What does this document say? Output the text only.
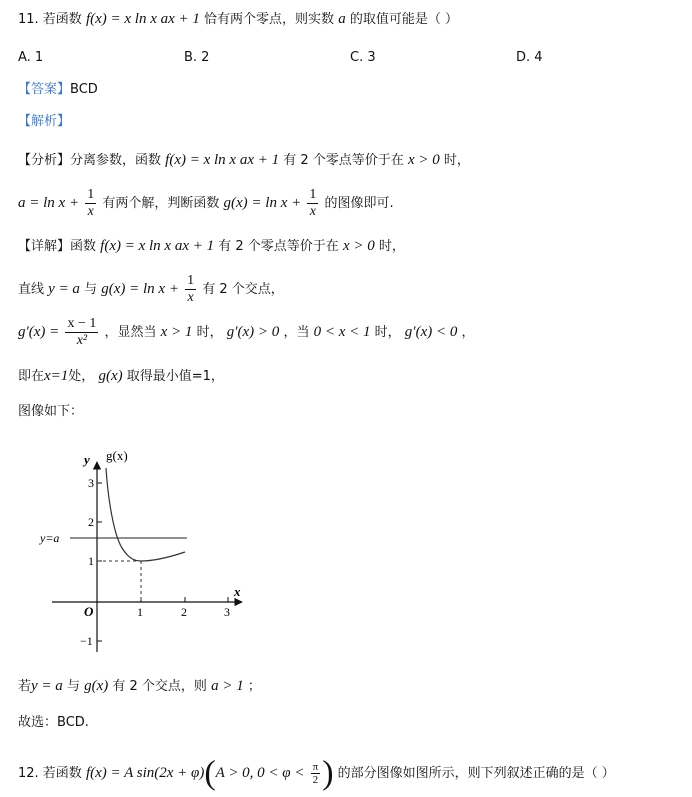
11. 若函数 f(x) = x ln x ax + 1 恰有两个零点，则实数 a 的取值可能是（ ）
A. 1	B. 2	C. 3	D. 4
【答案】BCD
【解析】
【分析】分离参数，函数 f(x) = x ln x ax + 1 有 2 个零点等价于在 x > 0 时，
$a = \ln x + \frac{1}{x}$ 有两个解，判断函数 $g(x) = \ln x + \frac{1}{x}$ 的图像即可.
【详解】函数 f(x) = x ln x ax + 1 有 2 个零点等价于在 x > 0 时，
直线 y = a 与 $g(x) = \ln x + \frac{1}{x}$ 有 2 个交点，
$g'(x) = \frac{x - 1}{\text{x²}}$ ，显然当 x > 1 时， g′(x) > 0 ，当 0 < x < 1 时， g′(x) < 0 ，
即在x=1处， g(x) 取得最小值=1，
图像如下：
y g(x)
x
O
y=a
1	2	3
3
2
1
−1
若y = a 与 g(x) 有 2 个交点，则 a > 1 ；
故选：BCD.
12. 若函数 f(x) = A sin(2x + φ)(A > 0, $0 < \varphi < \frac{\pi}{2}$ ) 的部分图像如图所示，则下列叙述正确的是（ ）
